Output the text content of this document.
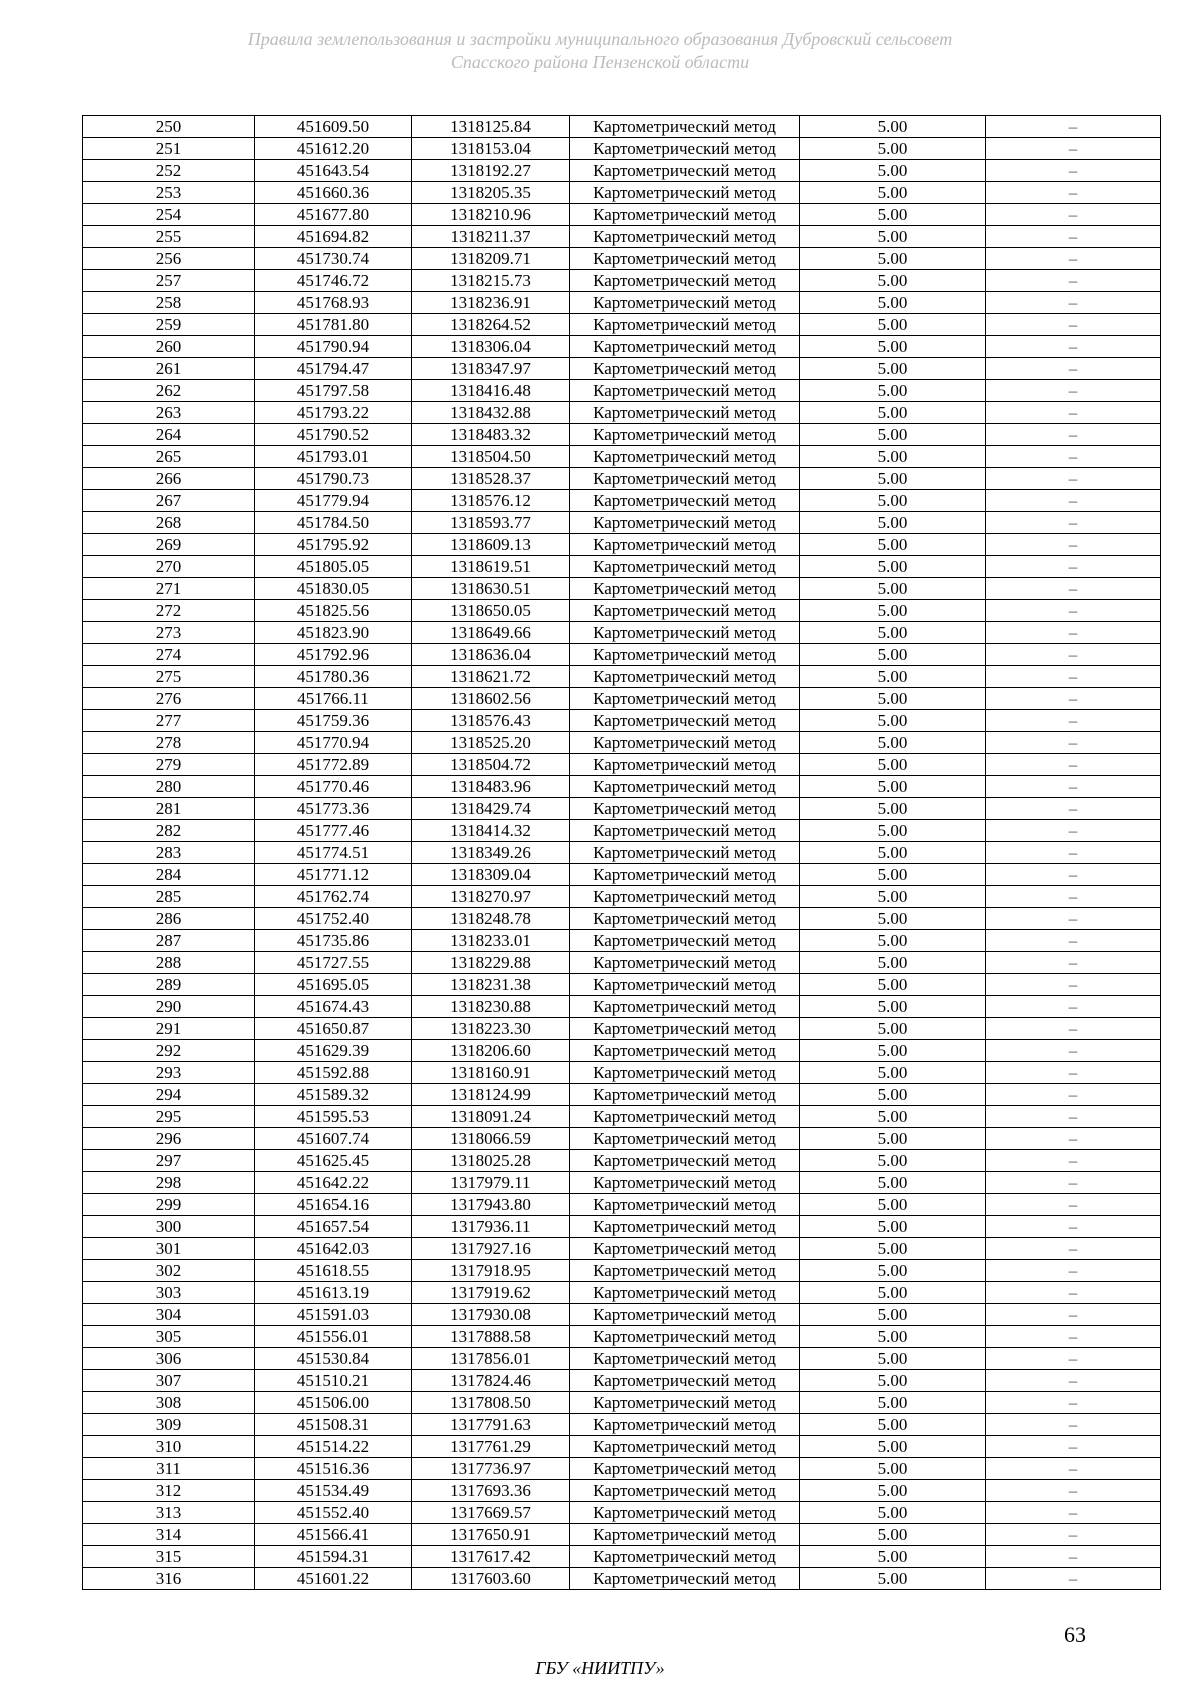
Правила землепользования и застройки муниципального образования Дубровский сельсовет
Спасского района Пензенской области
250	451609.50	1318125.84	Картометрический метод	5.00	–
251	451612.20	1318153.04	Картометрический метод	5.00	–
252	451643.54	1318192.27	Картометрический метод	5.00	–
253	451660.36	1318205.35	Картометрический метод	5.00	–
254	451677.80	1318210.96	Картометрический метод	5.00	–
255	451694.82	1318211.37	Картометрический метод	5.00	–
256	451730.74	1318209.71	Картометрический метод	5.00	–
257	451746.72	1318215.73	Картометрический метод	5.00	–
258	451768.93	1318236.91	Картометрический метод	5.00	–
259	451781.80	1318264.52	Картометрический метод	5.00	–
260	451790.94	1318306.04	Картометрический метод	5.00	–
261	451794.47	1318347.97	Картометрический метод	5.00	–
262	451797.58	1318416.48	Картометрический метод	5.00	–
263	451793.22	1318432.88	Картометрический метод	5.00	–
264	451790.52	1318483.32	Картометрический метод	5.00	–
265	451793.01	1318504.50	Картометрический метод	5.00	–
266	451790.73	1318528.37	Картометрический метод	5.00	–
267	451779.94	1318576.12	Картометрический метод	5.00	–
268	451784.50	1318593.77	Картометрический метод	5.00	–
269	451795.92	1318609.13	Картометрический метод	5.00	–
270	451805.05	1318619.51	Картометрический метод	5.00	–
271	451830.05	1318630.51	Картометрический метод	5.00	–
272	451825.56	1318650.05	Картометрический метод	5.00	–
273	451823.90	1318649.66	Картометрический метод	5.00	–
274	451792.96	1318636.04	Картометрический метод	5.00	–
275	451780.36	1318621.72	Картометрический метод	5.00	–
276	451766.11	1318602.56	Картометрический метод	5.00	–
277	451759.36	1318576.43	Картометрический метод	5.00	–
278	451770.94	1318525.20	Картометрический метод	5.00	–
279	451772.89	1318504.72	Картометрический метод	5.00	–
280	451770.46	1318483.96	Картометрический метод	5.00	–
281	451773.36	1318429.74	Картометрический метод	5.00	–
282	451777.46	1318414.32	Картометрический метод	5.00	–
283	451774.51	1318349.26	Картометрический метод	5.00	–
284	451771.12	1318309.04	Картометрический метод	5.00	–
285	451762.74	1318270.97	Картометрический метод	5.00	–
286	451752.40	1318248.78	Картометрический метод	5.00	–
287	451735.86	1318233.01	Картометрический метод	5.00	–
288	451727.55	1318229.88	Картометрический метод	5.00	–
289	451695.05	1318231.38	Картометрический метод	5.00	–
290	451674.43	1318230.88	Картометрический метод	5.00	–
291	451650.87	1318223.30	Картометрический метод	5.00	–
292	451629.39	1318206.60	Картометрический метод	5.00	–
293	451592.88	1318160.91	Картометрический метод	5.00	–
294	451589.32	1318124.99	Картометрический метод	5.00	–
295	451595.53	1318091.24	Картометрический метод	5.00	–
296	451607.74	1318066.59	Картометрический метод	5.00	–
297	451625.45	1318025.28	Картометрический метод	5.00	–
298	451642.22	1317979.11	Картометрический метод	5.00	–
299	451654.16	1317943.80	Картометрический метод	5.00	–
300	451657.54	1317936.11	Картометрический метод	5.00	–
301	451642.03	1317927.16	Картометрический метод	5.00	–
302	451618.55	1317918.95	Картометрический метод	5.00	–
303	451613.19	1317919.62	Картометрический метод	5.00	–
304	451591.03	1317930.08	Картометрический метод	5.00	–
305	451556.01	1317888.58	Картометрический метод	5.00	–
306	451530.84	1317856.01	Картометрический метод	5.00	–
307	451510.21	1317824.46	Картометрический метод	5.00	–
308	451506.00	1317808.50	Картометрический метод	5.00	–
309	451508.31	1317791.63	Картометрический метод	5.00	–
310	451514.22	1317761.29	Картометрический метод	5.00	–
311	451516.36	1317736.97	Картометрический метод	5.00	–
312	451534.49	1317693.36	Картометрический метод	5.00	–
313	451552.40	1317669.57	Картометрический метод	5.00	–
314	451566.41	1317650.91	Картометрический метод	5.00	–
315	451594.31	1317617.42	Картометрический метод	5.00	–
316	451601.22	1317603.60	Картометрический метод	5.00	–
63
ГБУ «НИИТПУ»
